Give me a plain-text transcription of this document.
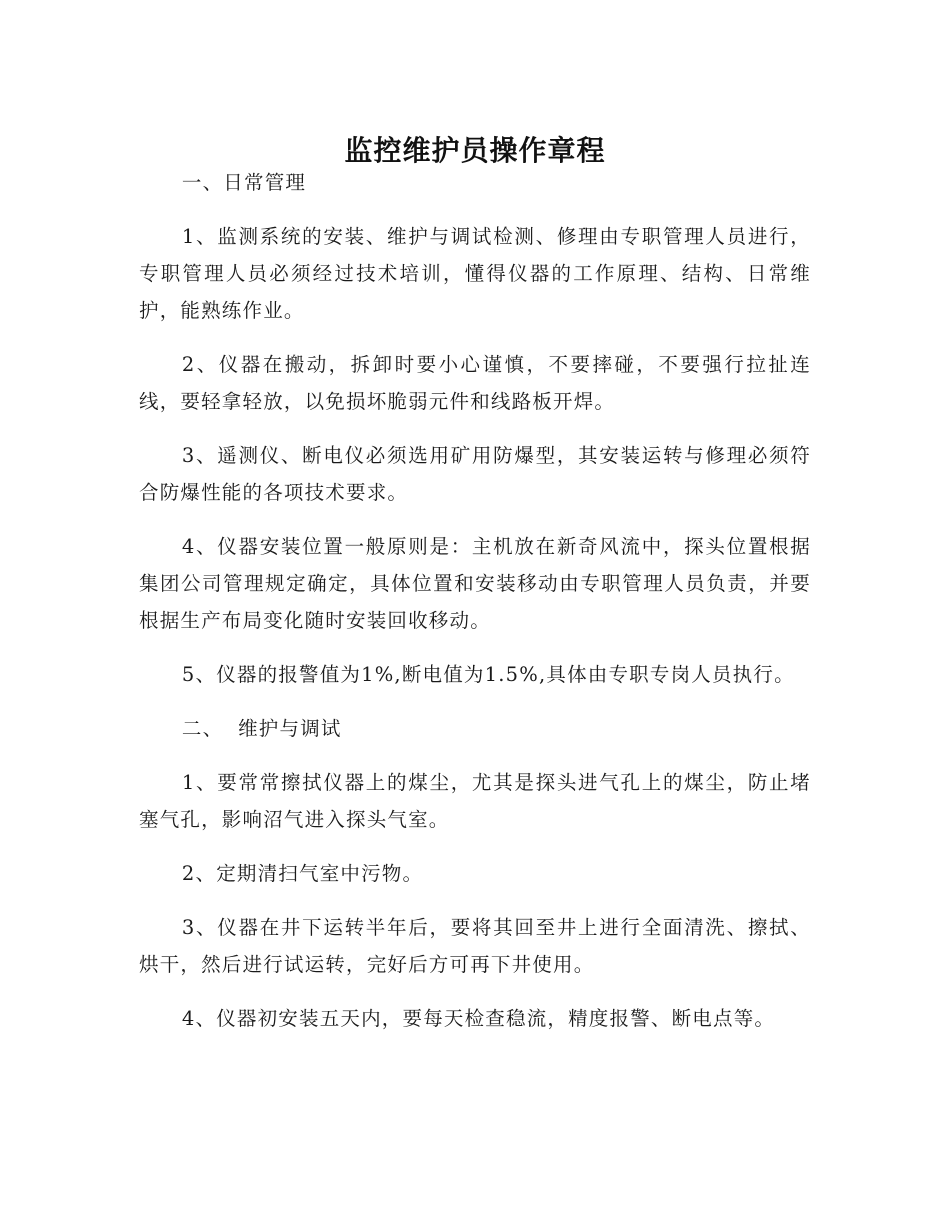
监控维护员操作章程

一、日常管理

1、监测系统的安装、维护与调试检测、修理由专职管理人员进行，专职管理人员必须经过技术培训，懂得仪器的工作原理、结构、日常维护，能熟练作业。

2、仪器在搬动，拆卸时要小心谨慎，不要摔碰，不要强行拉扯连线，要轻拿轻放，以免损坏脆弱元件和线路板开焊。

3、遥测仪、断电仪必须选用矿用防爆型，其安装运转与修理必须符合防爆性能的各项技术要求。

4、仪器安装位置一般原则是：主机放在新奇风流中，探头位置根据集团公司管理规定确定，具体位置和安装移动由专职管理人员负责，并要根据生产布局变化随时安装回收移动。

5、仪器的报警值为1%,断电值为1.5%,具体由专职专岗人员执行。

二、  维护与调试

1、要常常擦拭仪器上的煤尘，尤其是探头进气孔上的煤尘，防止堵塞气孔，影响沼气进入探头气室。

2、定期清扫气室中污物。

3、仪器在井下运转半年后，要将其回至井上进行全面清洗、擦拭、烘干，然后进行试运转，完好后方可再下井使用。

4、仪器初安装五天内，要每天检查稳流，精度报警、断电点等。
